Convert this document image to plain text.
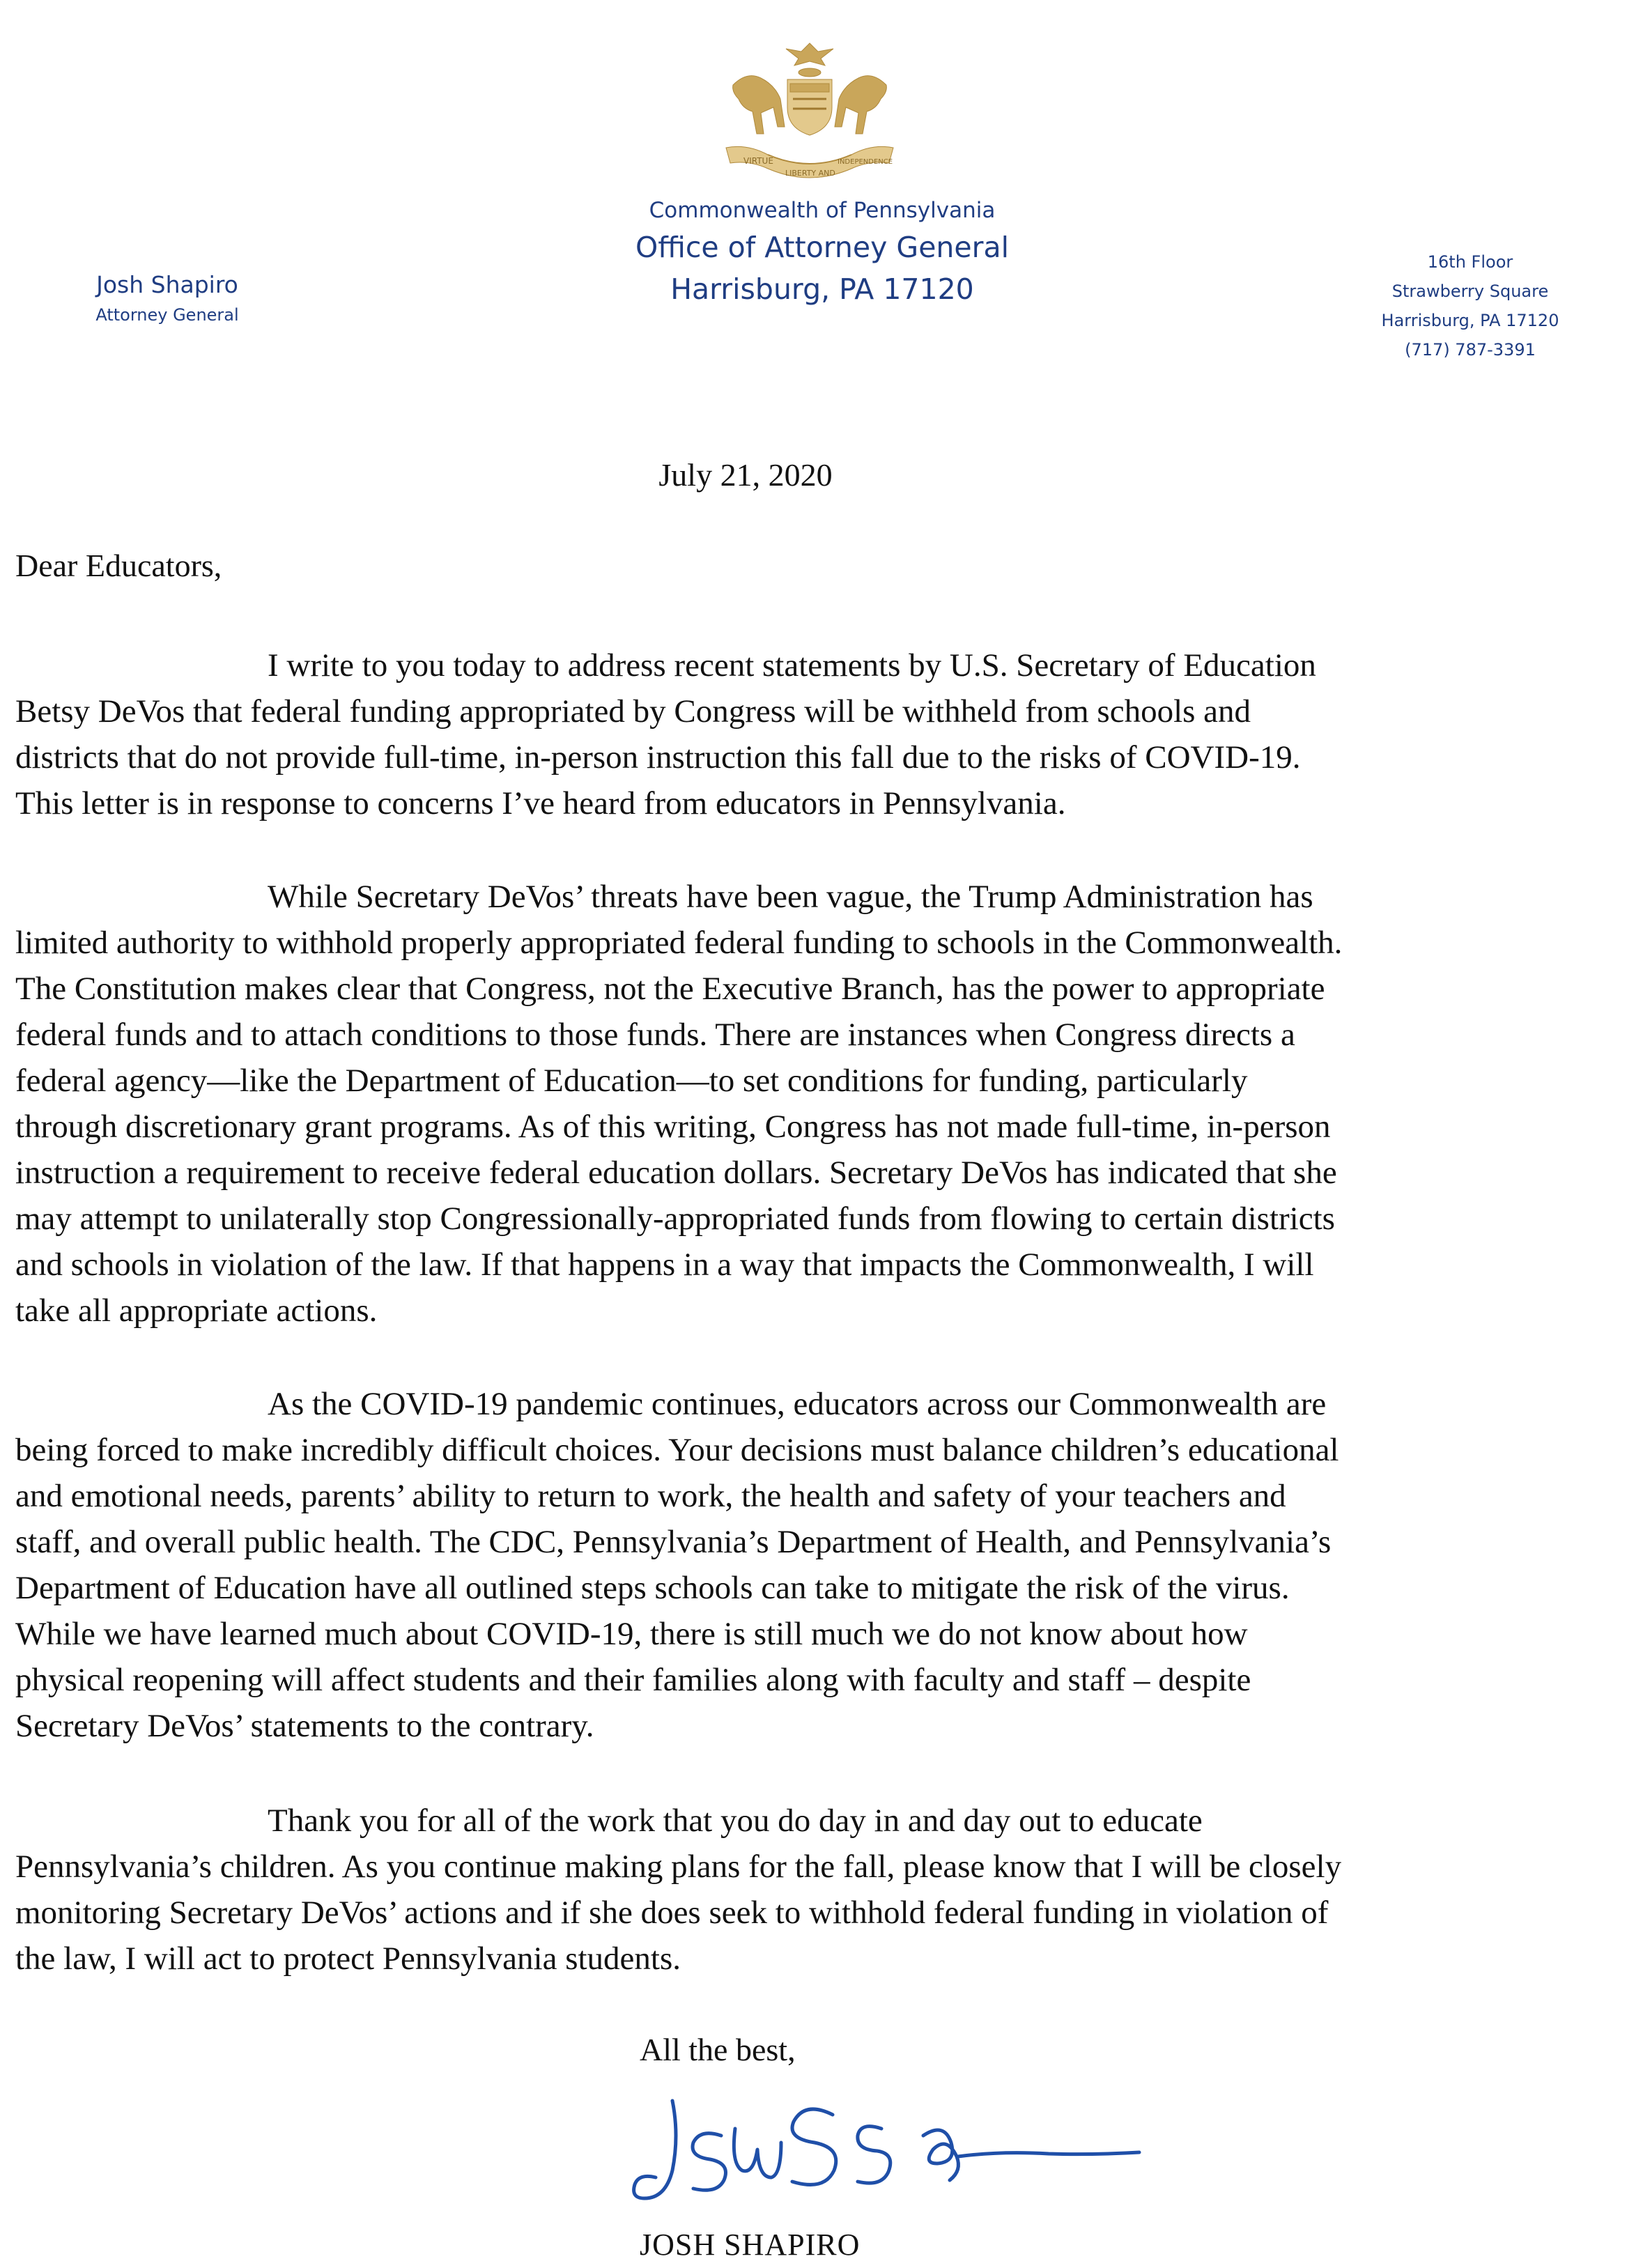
VIRTUE
LIBERTY AND
INDEPENDENCE
Commonwealth of Pennsylvania
Office of Attorney General
Harrisburg, PA 17120
Josh Shapiro
Attorney General
16th Floor
Strawberry Square
Harrisburg, PA 17120
(717) 787-3391
July 21, 2020
Dear Educators,
I write to you today to address recent statements by U.S. Secretary of Education
Betsy DeVos that federal funding appropriated by Congress will be withheld from schools and
districts that do not provide full-time, in-person instruction this fall due to the risks of COVID-19.
This letter is in response to concerns I’ve heard from educators in Pennsylvania.
While Secretary DeVos’ threats have been vague, the Trump Administration has
limited authority to withhold properly appropriated federal funding to schools in the Commonwealth.
The Constitution makes clear that Congress, not the Executive Branch, has the power to appropriate
federal funds and to attach conditions to those funds. There are instances when Congress directs a
federal agency—like the Department of Education—to set conditions for funding, particularly
through discretionary grant programs. As of this writing, Congress has not made full-time, in-person
instruction a requirement to receive federal education dollars. Secretary DeVos has indicated that she
may attempt to unilaterally stop Congressionally-appropriated funds from flowing to certain districts
and schools in violation of the law. If that happens in a way that impacts the Commonwealth, I will
take all appropriate actions.
As the COVID-19 pandemic continues, educators across our Commonwealth are
being forced to make incredibly difficult choices. Your decisions must balance children’s educational
and emotional needs, parents’ ability to return to work, the health and safety of your teachers and
staff, and overall public health. The CDC, Pennsylvania’s Department of Health, and Pennsylvania’s
Department of Education have all outlined steps schools can take to mitigate the risk of the virus.
While we have learned much about COVID-19, there is still much we do not know about how
physical reopening will affect students and their families along with faculty and staff – despite
Secretary DeVos’ statements to the contrary.
Thank you for all of the work that you do day in and day out to educate
Pennsylvania’s children. As you continue making plans for the fall, please know that I will be closely
monitoring Secretary DeVos’ actions and if she does seek to withhold federal funding in violation of
the law, I will act to protect Pennsylvania students.
All the best,
JOSH SHAPIRO
